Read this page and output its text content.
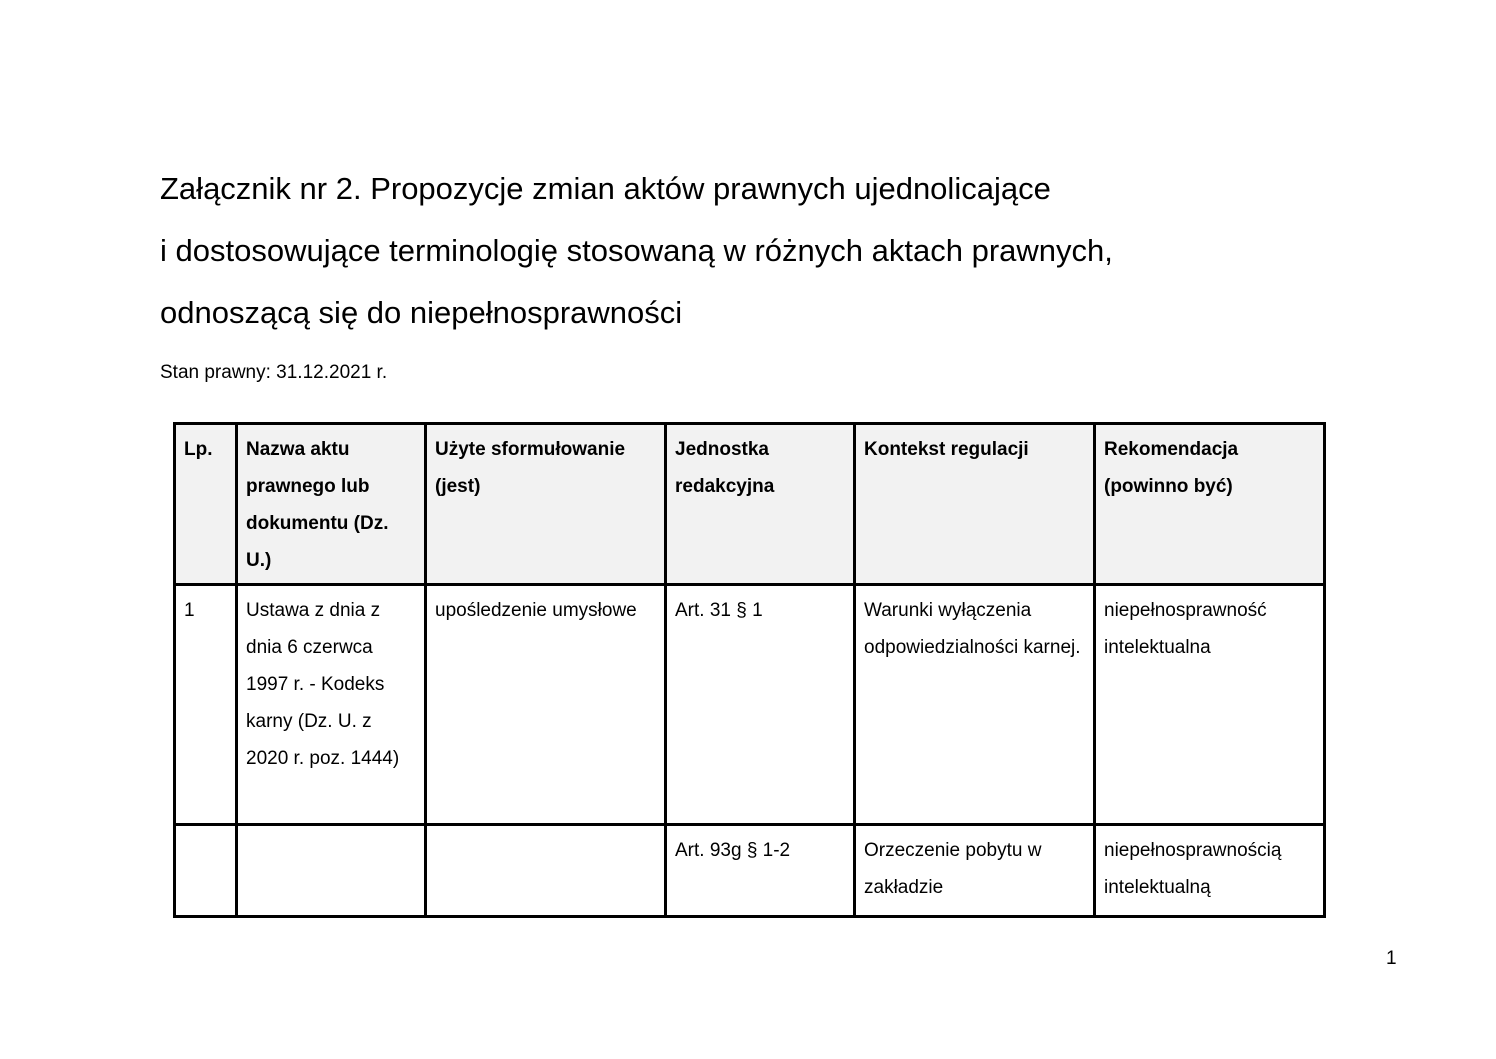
Załącznik nr 2. Propozycje zmian aktów prawnych ujednolicające
i dostosowujące terminologię stosowaną w różnych aktach prawnych,
odnoszącą się do niepełnosprawności

Stan prawny: 31.12.2021 r.

Lp.	Nazwa aktu prawnego lub dokumentu (Dz. U.)	Użyte sformułowanie (jest)	Jednostka redakcyjna	Kontekst regulacji	Rekomendacja (powinno być)
1	Ustawa z dnia z dnia 6 czerwca 1997 r. - Kodeks karny (Dz. U. z 2020 r. poz. 1444)	upośledzenie umysłowe	Art. 31 § 1	Warunki wyłączenia odpowiedzialności karnej.	niepełnosprawność intelektualna
			Art. 93g § 1-2	Orzeczenie pobytu w zakładzie	niepełnosprawnością intelektualną
1
